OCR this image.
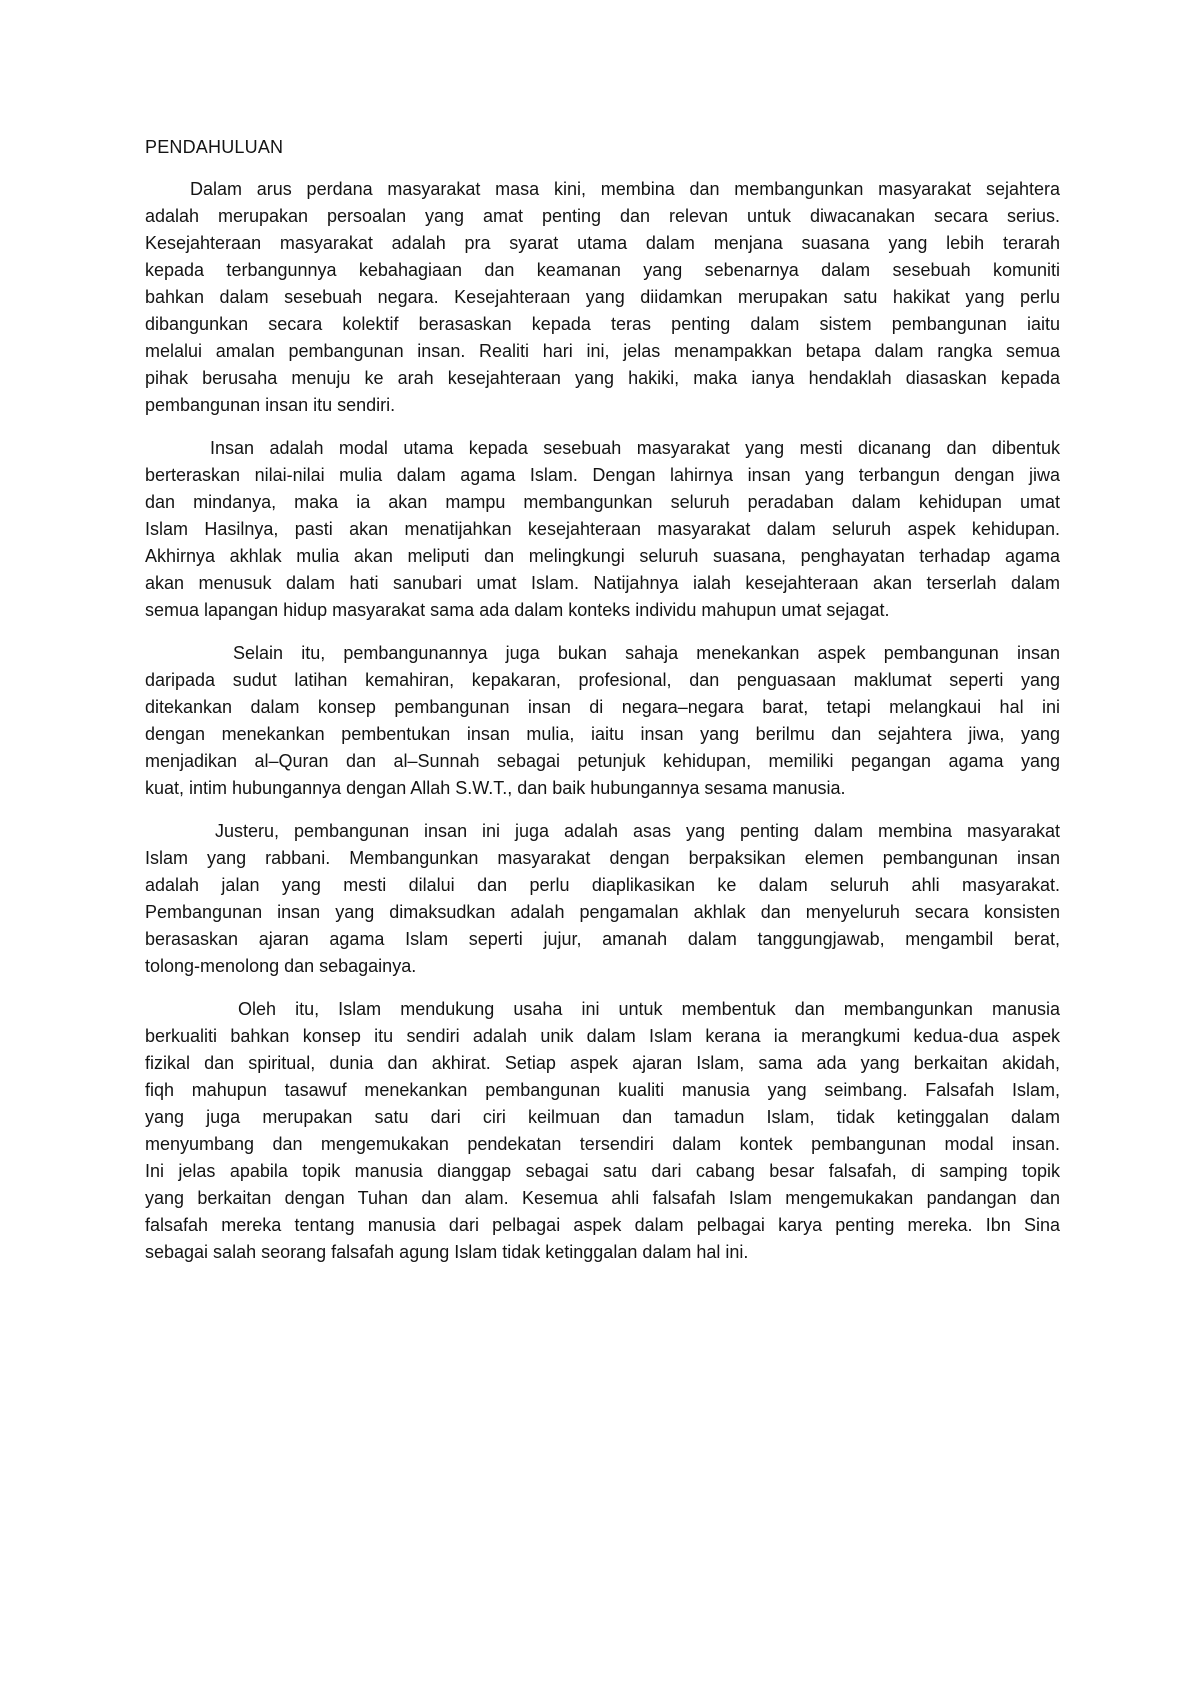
PENDAHULUAN
Dalam arus perdana masyarakat masa kini, membina dan membangunkan masyarakat sejahtera
adalah merupakan persoalan yang amat penting dan relevan untuk diwacanakan secara serius.
Kesejahteraan masyarakat adalah pra syarat utama dalam menjana suasana yang lebih terarah
kepada terbangunnya kebahagiaan dan keamanan yang sebenarnya dalam sesebuah komuniti
bahkan dalam sesebuah negara. Kesejahteraan yang diidamkan merupakan satu hakikat yang perlu
dibangunkan secara kolektif berasaskan kepada teras penting dalam sistem pembangunan iaitu
melalui amalan pembangunan insan. Realiti hari ini, jelas menampakkan betapa dalam rangka semua
pihak berusaha menuju ke arah kesejahteraan yang hakiki, maka ianya hendaklah diasaskan kepada
pembangunan insan itu sendiri.
Insan adalah modal utama kepada sesebuah masyarakat yang mesti dicanang dan dibentuk
berteraskan nilai-nilai mulia dalam agama Islam. Dengan lahirnya insan yang terbangun dengan jiwa
dan mindanya, maka ia akan mampu membangunkan seluruh peradaban dalam kehidupan umat
Islam Hasilnya, pasti akan menatijahkan kesejahteraan masyarakat dalam seluruh aspek kehidupan.
Akhirnya akhlak mulia akan meliputi dan melingkungi seluruh suasana, penghayatan terhadap agama
akan menusuk dalam hati sanubari umat Islam. Natijahnya ialah kesejahteraan akan terserlah dalam
semua lapangan hidup masyarakat sama ada dalam konteks individu mahupun umat sejagat.
Selain itu, pembangunannya juga bukan sahaja menekankan aspek pembangunan insan
daripada sudut latihan kemahiran, kepakaran, profesional, dan penguasaan maklumat seperti yang
ditekankan dalam konsep pembangunan insan di negara–negara barat, tetapi melangkaui hal ini
dengan menekankan pembentukan insan mulia, iaitu insan yang berilmu dan sejahtera jiwa, yang
menjadikan al–Quran dan al–Sunnah sebagai petunjuk kehidupan, memiliki pegangan agama yang
kuat, intim hubungannya dengan Allah S.W.T., dan baik hubungannya sesama manusia.
Justeru, pembangunan insan ini juga adalah asas yang penting dalam membina masyarakat
Islam yang rabbani. Membangunkan masyarakat dengan berpaksikan elemen pembangunan insan
adalah jalan yang mesti dilalui dan perlu diaplikasikan ke dalam seluruh ahli masyarakat.
Pembangunan insan yang dimaksudkan adalah pengamalan akhlak dan menyeluruh secara konsisten
berasaskan ajaran agama Islam seperti jujur, amanah dalam tanggungjawab, mengambil berat,
tolong-menolong dan sebagainya.
Oleh itu, Islam mendukung usaha ini untuk membentuk dan membangunkan manusia
berkualiti bahkan konsep itu sendiri adalah unik dalam Islam kerana ia merangkumi kedua-dua aspek
fizikal dan spiritual, dunia dan akhirat. Setiap aspek ajaran Islam, sama ada yang berkaitan akidah,
fiqh mahupun tasawuf menekankan pembangunan kualiti manusia yang seimbang. Falsafah Islam,
yang juga merupakan satu dari ciri keilmuan dan tamadun Islam, tidak ketinggalan dalam
menyumbang dan mengemukakan pendekatan tersendiri dalam kontek pembangunan modal insan.
Ini jelas apabila topik manusia dianggap sebagai satu dari cabang besar falsafah, di samping topik
yang berkaitan dengan Tuhan dan alam. Kesemua ahli falsafah Islam mengemukakan pandangan dan
falsafah mereka tentang manusia dari pelbagai aspek dalam pelbagai karya penting mereka. Ibn Sina
sebagai salah seorang falsafah agung Islam tidak ketinggalan dalam hal ini.
